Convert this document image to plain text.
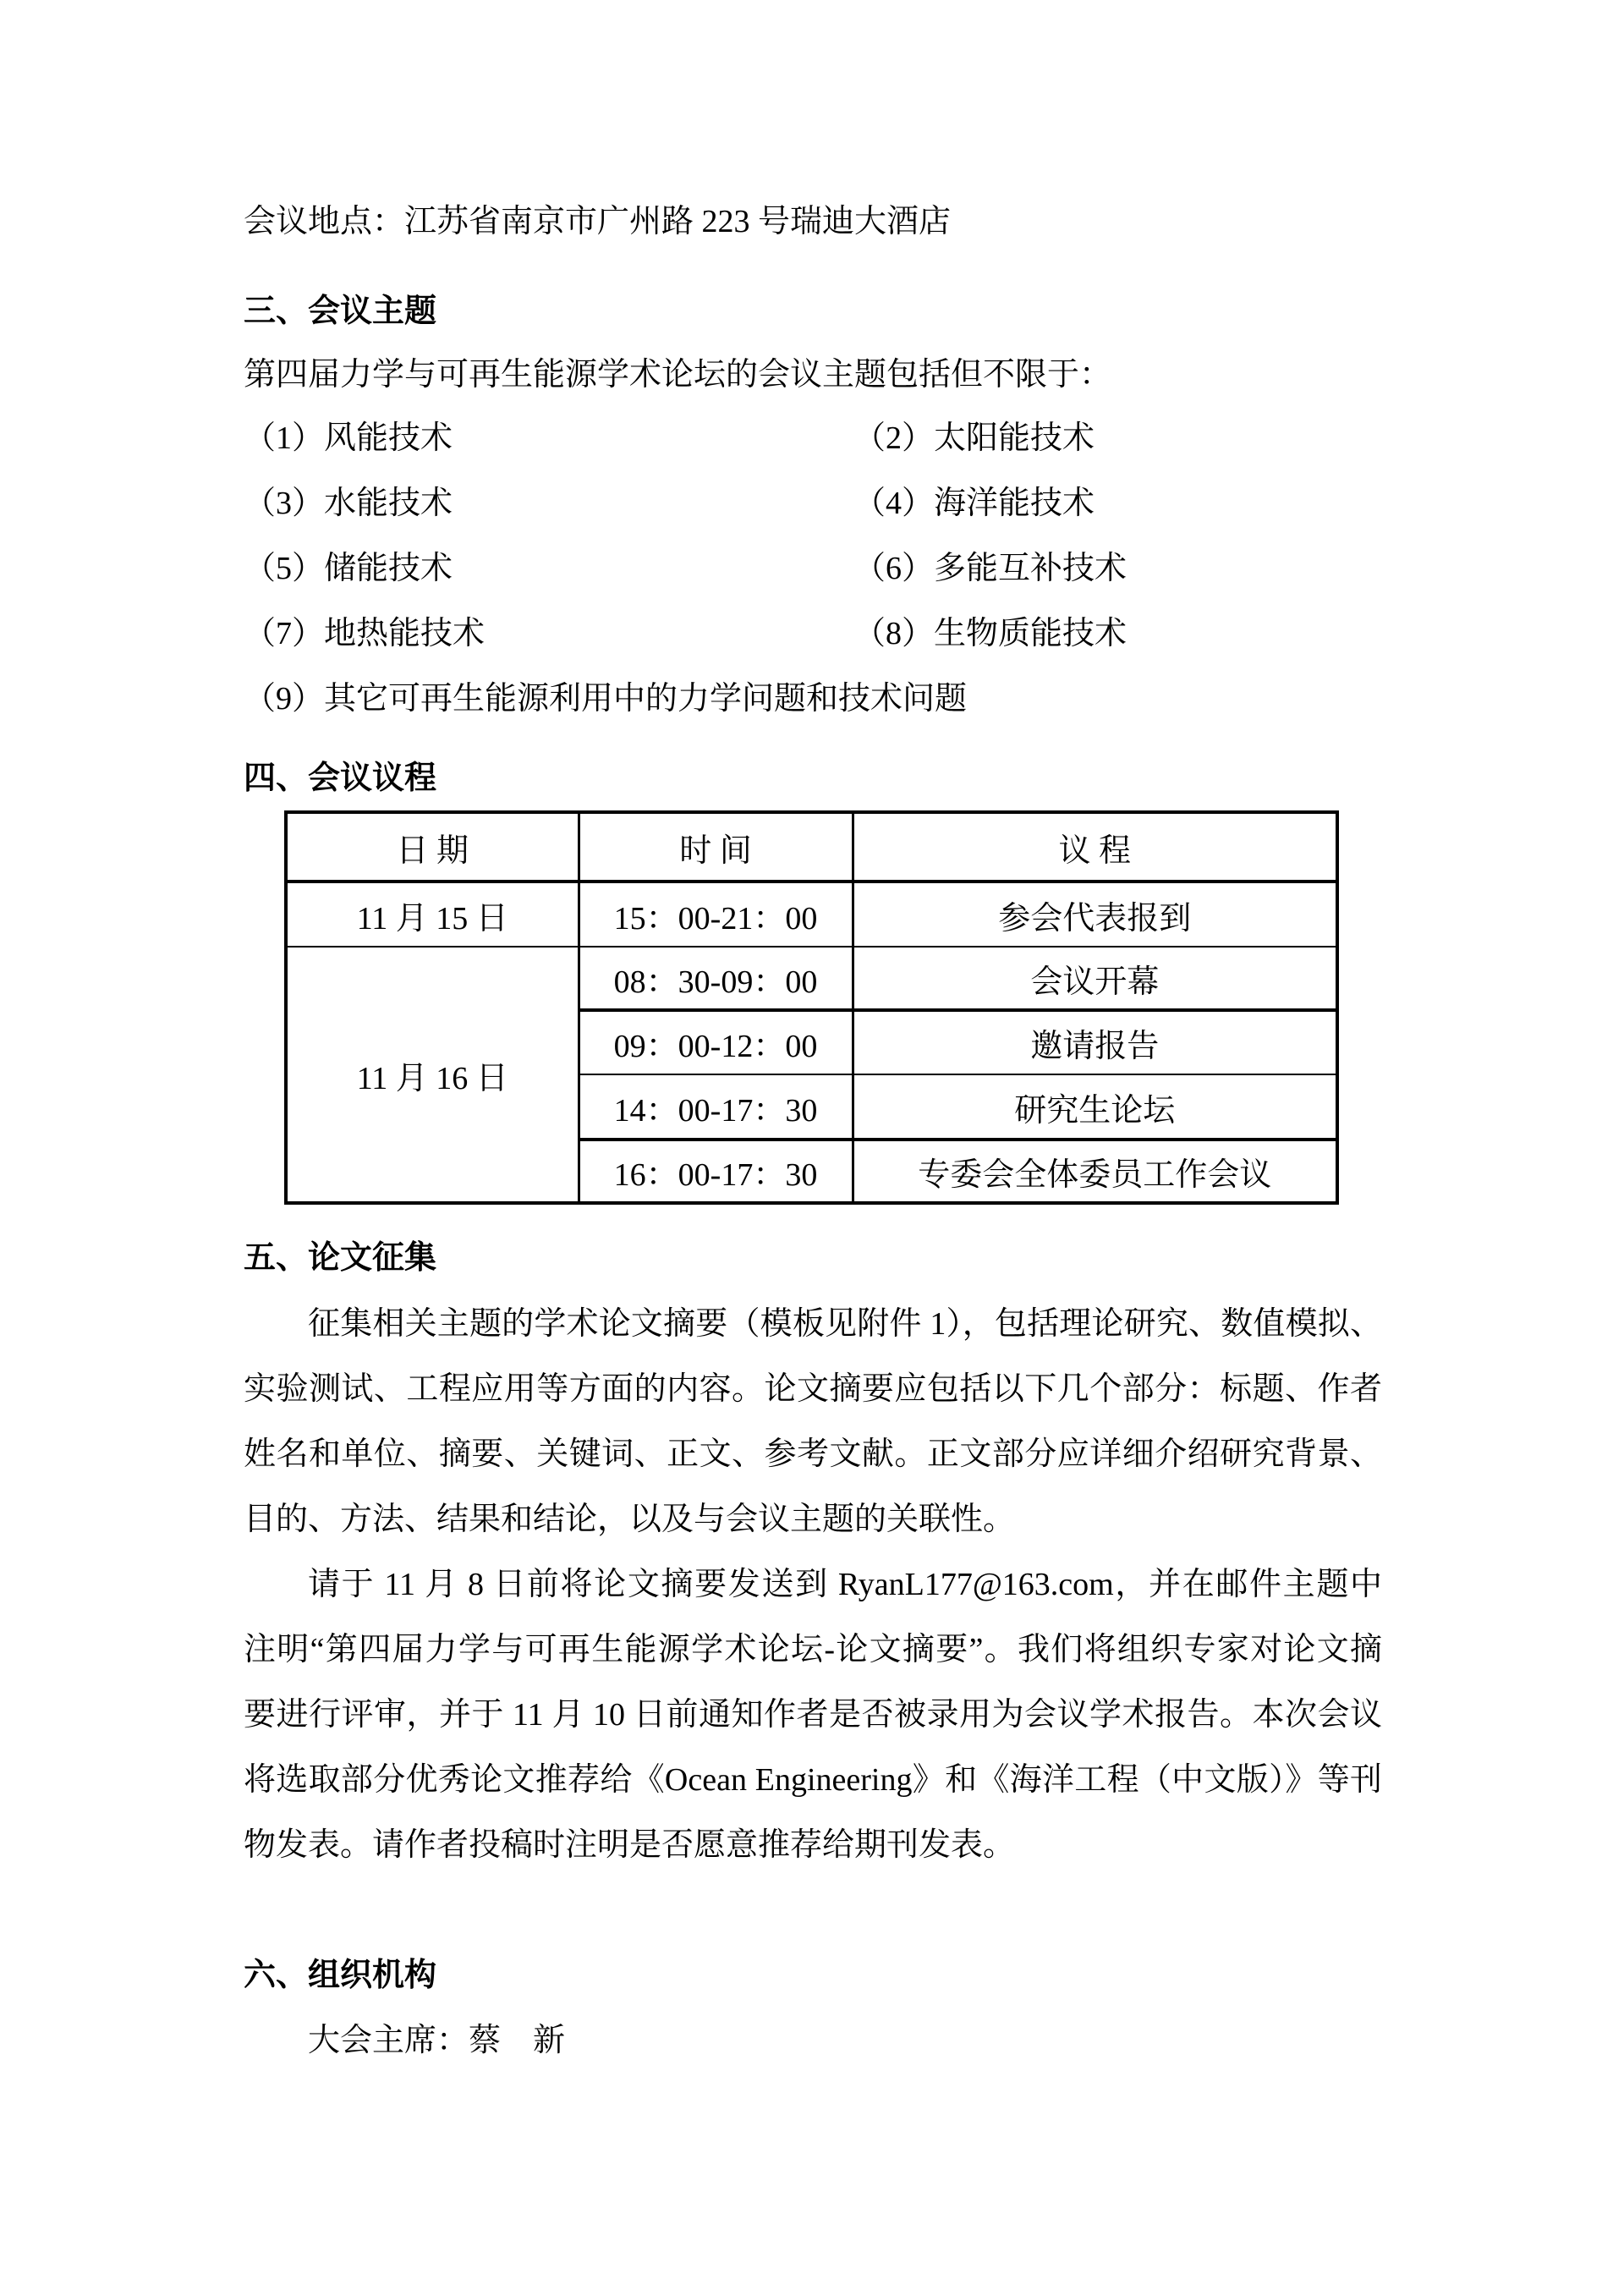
会议地点：江苏省南京市广州路 223 号瑞迪大酒店
三、会议主题
第四届力学与可再生能源学术论坛的会议主题包括但不限于：
（1）风能技术	（2）太阳能技术
（3）水能技术	（4）海洋能技术
（5）储能技术	（6）多能互补技术
（7）地热能技术	（8）生物质能技术
（9）其它可再生能源利用中的力学问题和技术问题
四、会议议程
日 期	时 间	议 程
11 月 15 日	15：00-21：00	参会代表报到
11 月 16 日	08：30-09：00	会议开幕
	09：00-12：00	邀请报告
	14：00-17：30	研究生论坛
	16：00-17：30	专委会全体委员工作会议
五、论文征集
征集相关主题的学术论文摘要（模板见附件 1），包括理论研究、数值模拟、
实验测试、工程应用等方面的内容。论文摘要应包括以下几个部分：标题、作者
姓名和单位、摘要、关键词、正文、参考文献。正文部分应详细介绍研究背景、
目的、方法、结果和结论，以及与会议主题的关联性。
请于 11 月 8 日前将论文摘要发送到 RyanL177@163.com，并在邮件主题中
注明“第四届力学与可再生能源学术论坛-论文摘要”。我们将组织专家对论文摘
要进行评审，并于 11 月 10 日前通知作者是否被录用为会议学术报告。本次会议
将选取部分优秀论文推荐给《Ocean Engineering》和《海洋工程（中文版）》等刊
物发表。请作者投稿时注明是否愿意推荐给期刊发表。
六、组织机构
大会主席：蔡　新
